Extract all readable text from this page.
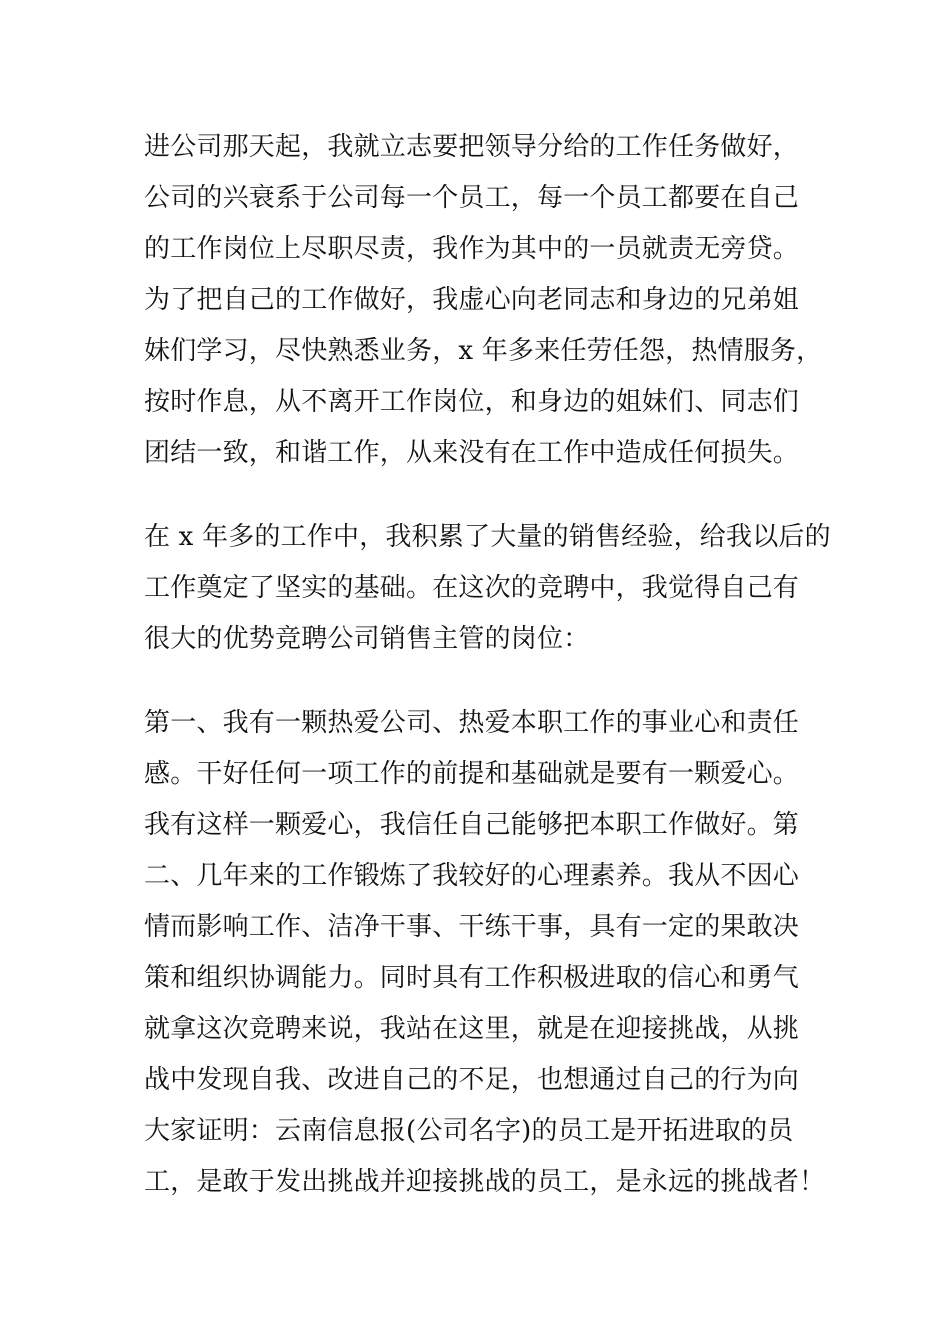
进公司那天起，我就立志要把领导分给的工作任务做好，
公司的兴衰系于公司每一个员工，每一个员工都要在自己
的工作岗位上尽职尽责，我作为其中的一员就责无旁贷。
为了把自己的工作做好，我虚心向老同志和身边的兄弟姐
妹们学习，尽快熟悉业务，x 年多来任劳任怨，热情服务，
按时作息，从不离开工作岗位，和身边的姐妹们、同志们
团结一致，和谐工作，从来没有在工作中造成任何损失。

在 x 年多的工作中，我积累了大量的销售经验，给我以后的
工作奠定了坚实的基础。在这次的竞聘中，我觉得自己有
很大的优势竞聘公司销售主管的岗位：

第一、我有一颗热爱公司、热爱本职工作的事业心和责任
感。干好任何一项工作的前提和基础就是要有一颗爱心。
我有这样一颗爱心，我信任自己能够把本职工作做好。第
二、几年来的工作锻炼了我较好的心理素养。我从不因心
情而影响工作、洁净干事、干练干事，具有一定的果敢决
策和组织协调能力。同时具有工作积极进取的信心和勇气
就拿这次竞聘来说，我站在这里，就是在迎接挑战，从挑
战中发现自我、改进自己的不足，也想通过自己的行为向
大家证明：云南信息报(公司名字)的员工是开拓进取的员
工，是敢于发出挑战并迎接挑战的员工，是永远的挑战者！
